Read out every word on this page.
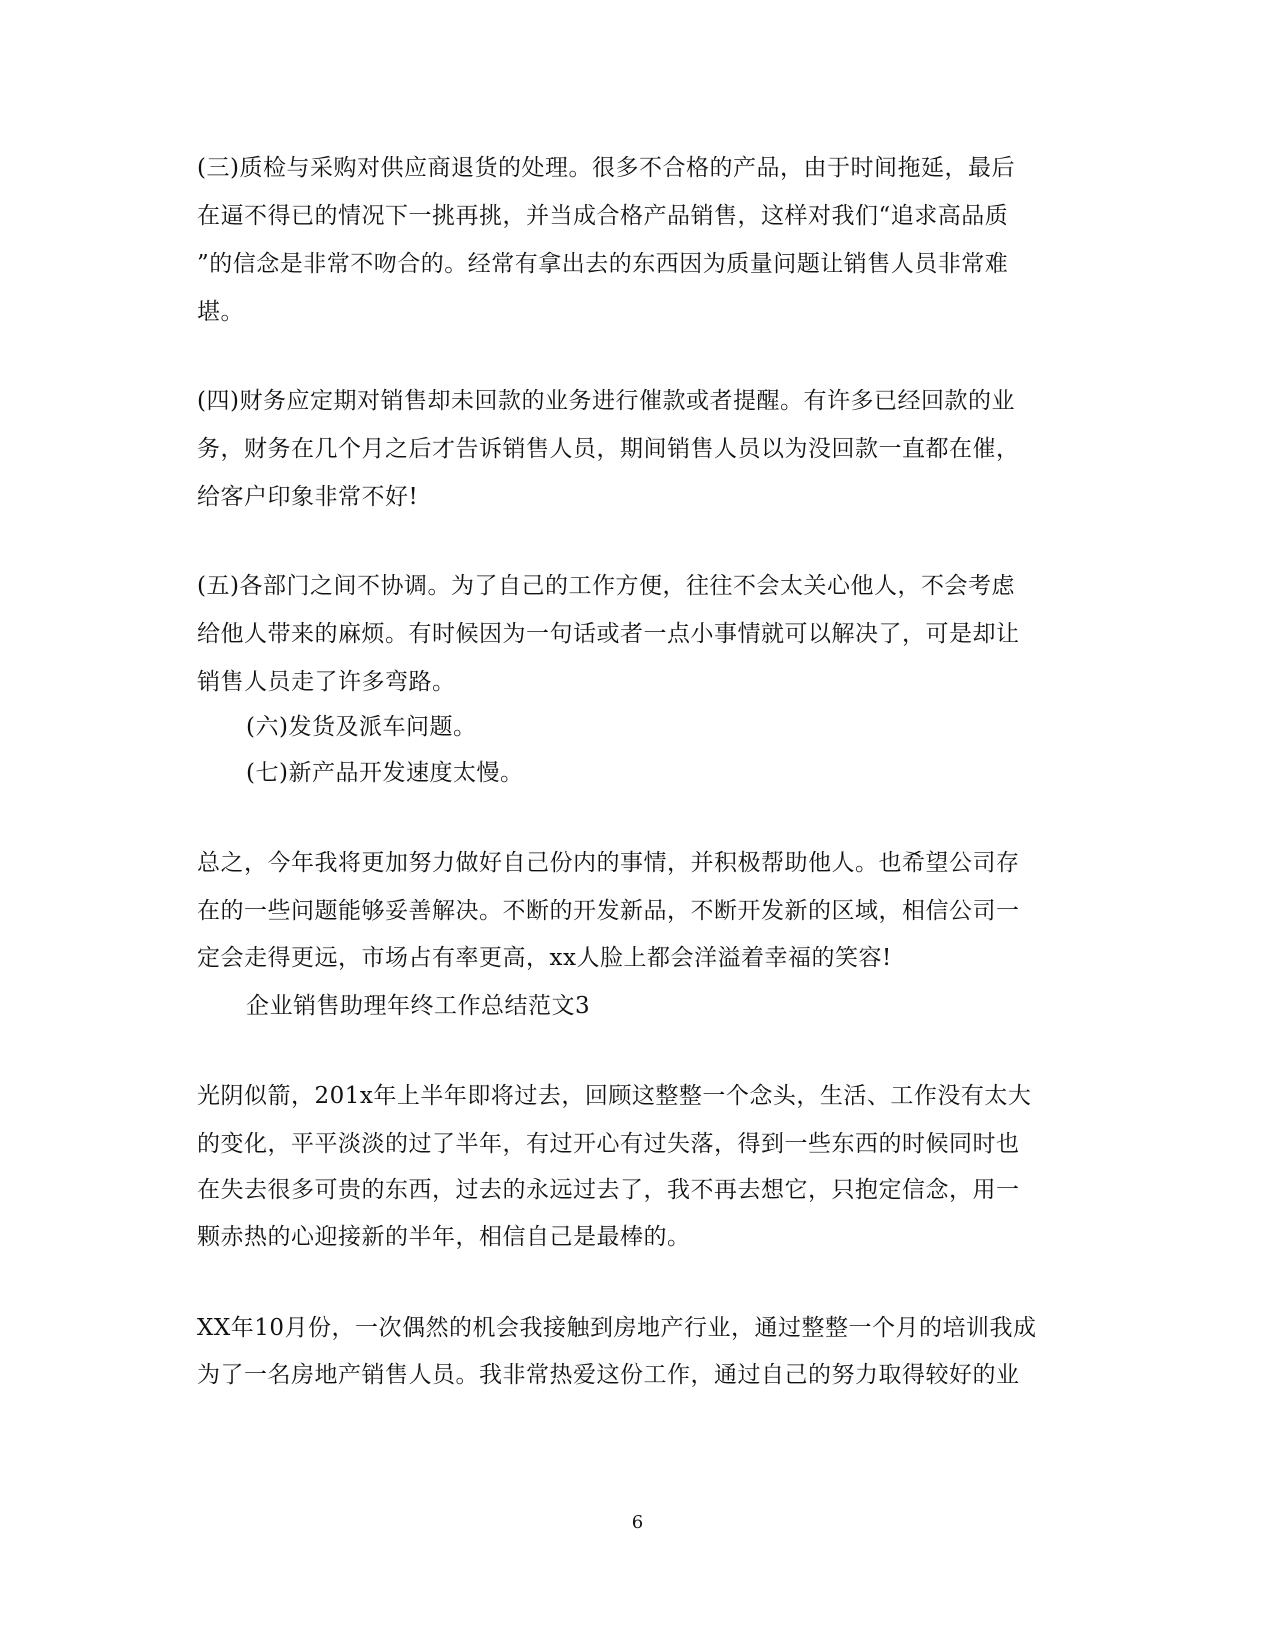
(三)质检与采购对供应商退货的处理。很多不合格的产品，由于时间拖延，最后
在逼不得已的情况下一挑再挑，并当成合格产品销售，这样对我们“追求高品质
”的信念是非常不吻合的。经常有拿出去的东西因为质量问题让销售人员非常难
堪。
(四)财务应定期对销售却未回款的业务进行催款或者提醒。有许多已经回款的业
务，财务在几个月之后才告诉销售人员，期间销售人员以为没回款一直都在催，
给客户印象非常不好!
(五)各部门之间不协调。为了自己的工作方便，往往不会太关心他人，不会考虑
给他人带来的麻烦。有时候因为一句话或者一点小事情就可以解决了，可是却让
销售人员走了许多弯路。
(六)发货及派车问题。
(七)新产品开发速度太慢。
总之，今年我将更加努力做好自己份内的事情，并积极帮助他人。也希望公司存
在的一些问题能够妥善解决。不断的开发新品，不断开发新的区域，相信公司一
定会走得更远，市场占有率更高，xx人脸上都会洋溢着幸福的笑容!
企业销售助理年终工作总结范文3
光阴似箭，201x年上半年即将过去，回顾这整整一个念头，生活、工作没有太大
的变化，平平淡淡的过了半年，有过开心有过失落，得到一些东西的时候同时也
在失去很多可贵的东西，过去的永远过去了，我不再去想它，只抱定信念，用一
颗赤热的心迎接新的半年，相信自己是最棒的。
XX年10月份，一次偶然的机会我接触到房地产行业，通过整整一个月的培训我成
为了一名房地产销售人员。我非常热爱这份工作，通过自己的努力取得较好的业
6
